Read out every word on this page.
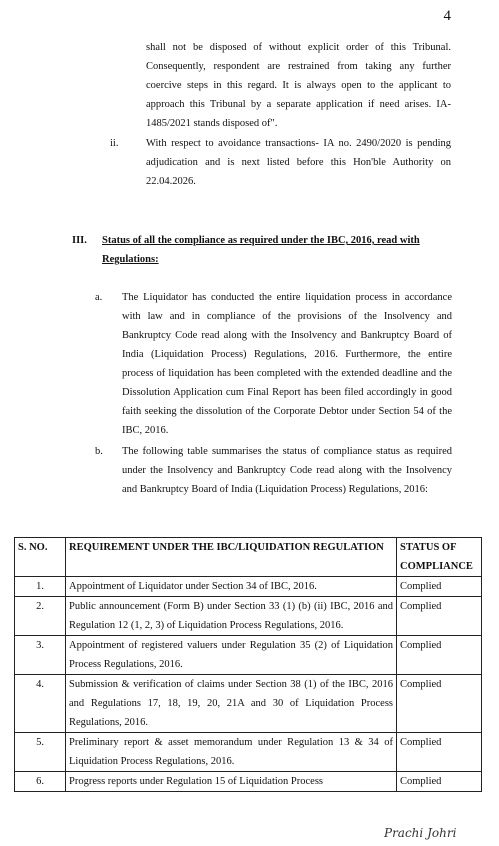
4
shall not be disposed of without explicit order of this Tribunal. Consequently, respondent are restrained from taking any further coercive steps in this regard. It is always open to the applicant to approach this Tribunal by a separate application if need arises. IA-1485/2021 stands disposed of".
ii.	With respect to avoidance transactions- IA no. 2490/2020 is pending adjudication and is next listed before this Hon'ble Authority on 22.04.2026.
III. Status of all the compliance as required under the IBC, 2016, read with Regulations:
a. The Liquidator has conducted the entire liquidation process in accordance with law and in compliance of the provisions of the Insolvency and Bankruptcy Code read along with the Insolvency and Bankruptcy Board of India (Liquidation Process) Regulations, 2016. Furthermore, the entire process of liquidation has been completed with the extended deadline and the Dissolution Application cum Final Report has been filed accordingly in good faith seeking the dissolution of the Corporate Debtor under Section 54 of the IBC, 2016.
b. The following table summarises the status of compliance status as required under the Insolvency and Bankruptcy Code read along with the Insolvency and Bankruptcy Board of India (Liquidation Process) Regulations, 2016:
S. NO.	REQUIREMENT UNDER THE IBC/LIQUIDATION REGULATION	STATUS OF COMPLIANCE
1.	Appointment of Liquidator under Section 34 of IBC, 2016.	Complied
2.	Public announcement (Form B) under Section 33 (1) (b) (ii) IBC, 2016 and Regulation 12 (1, 2, 3) of Liquidation Process Regulations, 2016.	Complied
3.	Appointment of registered valuers under Regulation 35 (2) of Liquidation Process Regulations, 2016.	Complied
4.	Submission & verification of claims under Section 38 (1) of the IBC, 2016 and Regulations 17, 18, 19, 20, 21A and 30 of Liquidation Process Regulations, 2016.	Complied
5.	Preliminary report & asset memorandum under Regulation 13 & 34 of Liquidation Process Regulations, 2016.	Complied
6.	Progress reports under Regulation 15 of Liquidation Process	Complied
Prachi Johri
